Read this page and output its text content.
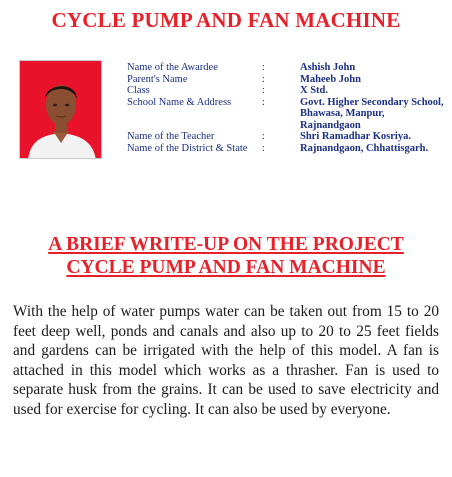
CYCLE PUMP AND FAN MACHINE
Name of the Awardee	:	Ashish John
Parent's Name	:	Maheeb John
Class	:	X Std.
School Name & Address	:	Govt. Higher Secondary School, Bhawasa, Manpur, Rajnandgaon
Name of the Teacher	:	Shri Ramadhar Kosriya.
Name of the District & State :	Rajnandgaon, Chhattisgarh.
A BRIEF WRITE-UP ON THE PROJECT
CYCLE PUMP AND FAN MACHINE
With the help of water pumps water can be taken out from 15 to 20 feet deep well, ponds and canals and also up to 20 to 25 feet fields and gardens can be irrigated with the help of this model. A fan is attached in this model which works as a thrasher. Fan is used to separate husk from the grains. It can be used to save electricity and used for exercise for cycling. It can also be used by everyone.
